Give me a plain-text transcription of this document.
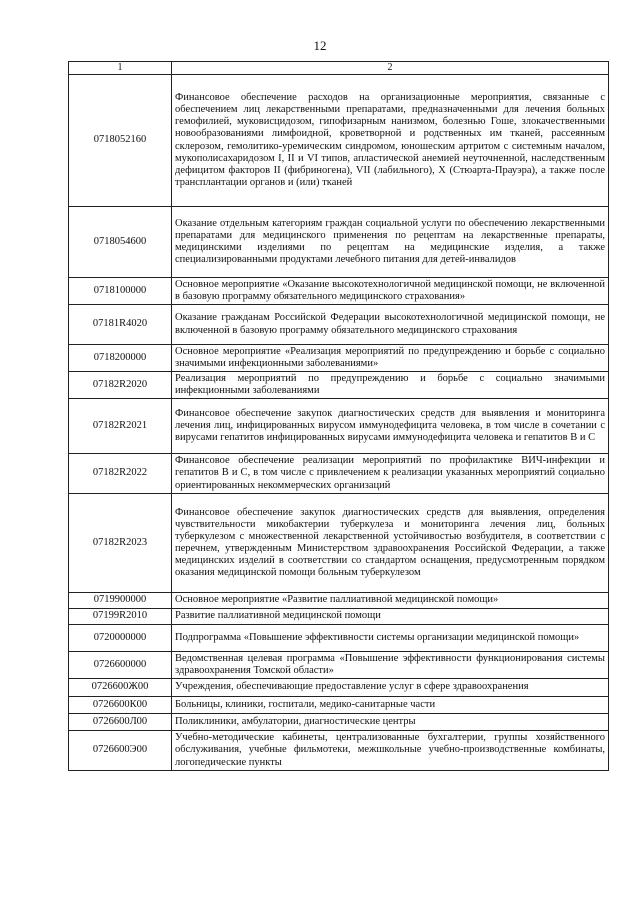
12
1	2
0718052160	Финансовое обеспечение расходов на организационные мероприятия, связанные с обеспечением лиц лекарственными препаратами, предназначенными для лечения больных гемофилией, муковисцидозом, гипофизарным нанизмом, болезнью Гоше, злокачественными новообразованиями лимфоидной, кроветворной и родственных им тканей, рассеянным склерозом, гемолитико-уремическим синдромом, юношеским артритом с системным началом, мукополисахаридозом I, II и VI типов, апластической анемией неуточненной, наследственным дефицитом факторов II (фибриногена), VII (лабильного), X (Стюарта-Прауэра), а также после трансплантации органов и (или) тканей
0718054600	Оказание отдельным категориям граждан социальной услуги по обеспечению лекарственными препаратами для медицинского применения по рецептам на лекарственные препараты, медицинскими изделиями по рецептам на медицинские изделия, а также специализированными продуктами лечебного питания для детей-инвалидов
0718100000	Основное мероприятие «Оказание высокотехнологичной медицинской помощи, не включенной в базовую программу обязательного медицинского страхования»
07181R4020	Оказание гражданам Российской Федерации высокотехнологичной медицинской помощи, не включенной в базовую программу обязательного медицинского страхования
0718200000	Основное мероприятие «Реализация мероприятий по предупреждению и борьбе с социально значимыми инфекционными заболеваниями»
07182R2020	Реализация мероприятий по предупреждению и борьбе с социально значимыми инфекционными заболеваниями
07182R2021	Финансовое обеспечение закупок диагностических средств для выявления и мониторинга лечения лиц, инфицированных вирусом иммунодефицита человека, в том числе в сочетании с вирусами гепатитов инфицированных вирусами иммунодефицита человека и гепатитов В и С
07182R2022	Финансовое обеспечение реализации мероприятий по профилактике ВИЧ-инфекции и гепатитов В и С, в том числе с привлечением к реализации указанных мероприятий социально ориентированных некоммерческих организаций
07182R2023	Финансовое обеспечение закупок диагностических средств для выявления, определения чувствительности микобактерии туберкулеза и мониторинга лечения лиц, больных туберкулезом с множественной лекарственной устойчивостью возбудителя, в соответствии с перечнем, утвержденным Министерством здравоохранения Российской Федерации, а также медицинских изделий в соответствии со стандартом оснащения, предусмотренным порядком оказания медицинской помощи больным туберкулезом
0719900000	Основное мероприятие «Развитие паллиативной медицинской помощи»
07199R2010	Развитие паллиативной медицинской помощи
0720000000	Подпрограмма «Повышение эффективности системы организации медицинской помощи»
0726600000	Ведомственная целевая программа «Повышение эффективности функционирования системы здравоохранения Томской области»
0726600Ж00	Учреждения, обеспечивающие предоставление услуг в сфере здравоохранения
0726600К00	Больницы, клиники, госпитали, медико-санитарные части
0726600Л00	Поликлиники, амбулатории, диагностические центры
0726600Э00	Учебно-методические кабинеты, централизованные бухгалтерии, группы хозяйственного обслуживания, учебные фильмотеки, межшкольные учебно-производственные комбинаты, логопедические пункты
